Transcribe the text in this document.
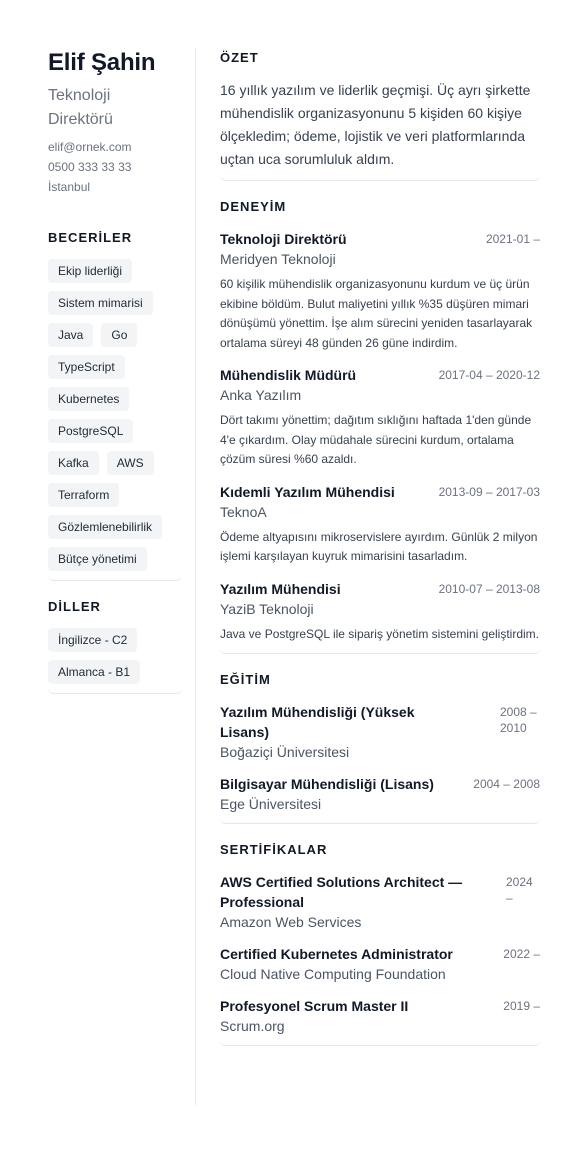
Elif Şahin
Teknoloji
Direktörü
elif@ornek.com
0500 333 33 33
İstanbul
BECERİLER
Ekip liderliği
Sistem mimarisi
Java	Go
TypeScript
Kubernetes
PostgreSQL
Kafka	AWS
Terraform
Gözlemlenebilirlik
Bütçe yönetimi
DİLLER
İngilizce - C2
Almanca - B1
ÖZET

16 yıllık yazılım ve liderlik geçmişi. Üç ayrı şirkette mühendislik organizasyonunu 5 kişiden 60 kişiye ölçekledim; ödeme, lojistik ve veri platformlarında uçtan uca sorumluluk aldım.

DENEYİM
Teknoloji Direktörü	2021-01 –
Meridyen Teknoloji

60 kişilik mühendislik organizasyonunu kurdum ve üç ürün ekibine böldüm. Bulut maliyetini yıllık %35 düşüren mimari dönüşümü yönettim. İşe alım sürecini yeniden tasarlayarak ortalama süreyi 48 günden 26 güne indirdim.

Mühendislik Müdürü	2017-04 – 2020-12
Anka Yazılım

Dört takımı yönettim; dağıtım sıklığını haftada 1'den günde 4'e çıkardım. Olay müdahale sürecini kurdum, ortalama çözüm süresi %60 azaldı.

Kıdemli Yazılım Mühendisi	2013-09 – 2017-03
TeknoA

Ödeme altyapısını mikroservislere ayırdım. Günlük 2 milyon işlemi karşılayan kuyruk mimarisini tasarladım.

Yazılım Mühendisi	2010-07 – 2013-08
YaziB Teknoloji

Java ve PostgreSQL ile sipariş yönetim sistemini geliştirdim.

EĞİTİM
Yazılım Mühendisliği (Yüksek Lisans)
2008 – 2010
Boğaziçi Üniversitesi
Bilgisayar Mühendisliği (Lisans)	2004 – 2008
Ege Üniversitesi
SERTİFİKALAR
AWS Certified Solutions Architect — Professional
2024 –
Amazon Web Services
Certified Kubernetes Administrator	2022 –
Cloud Native Computing Foundation
Profesyonel Scrum Master II	2019 –
Scrum.org
